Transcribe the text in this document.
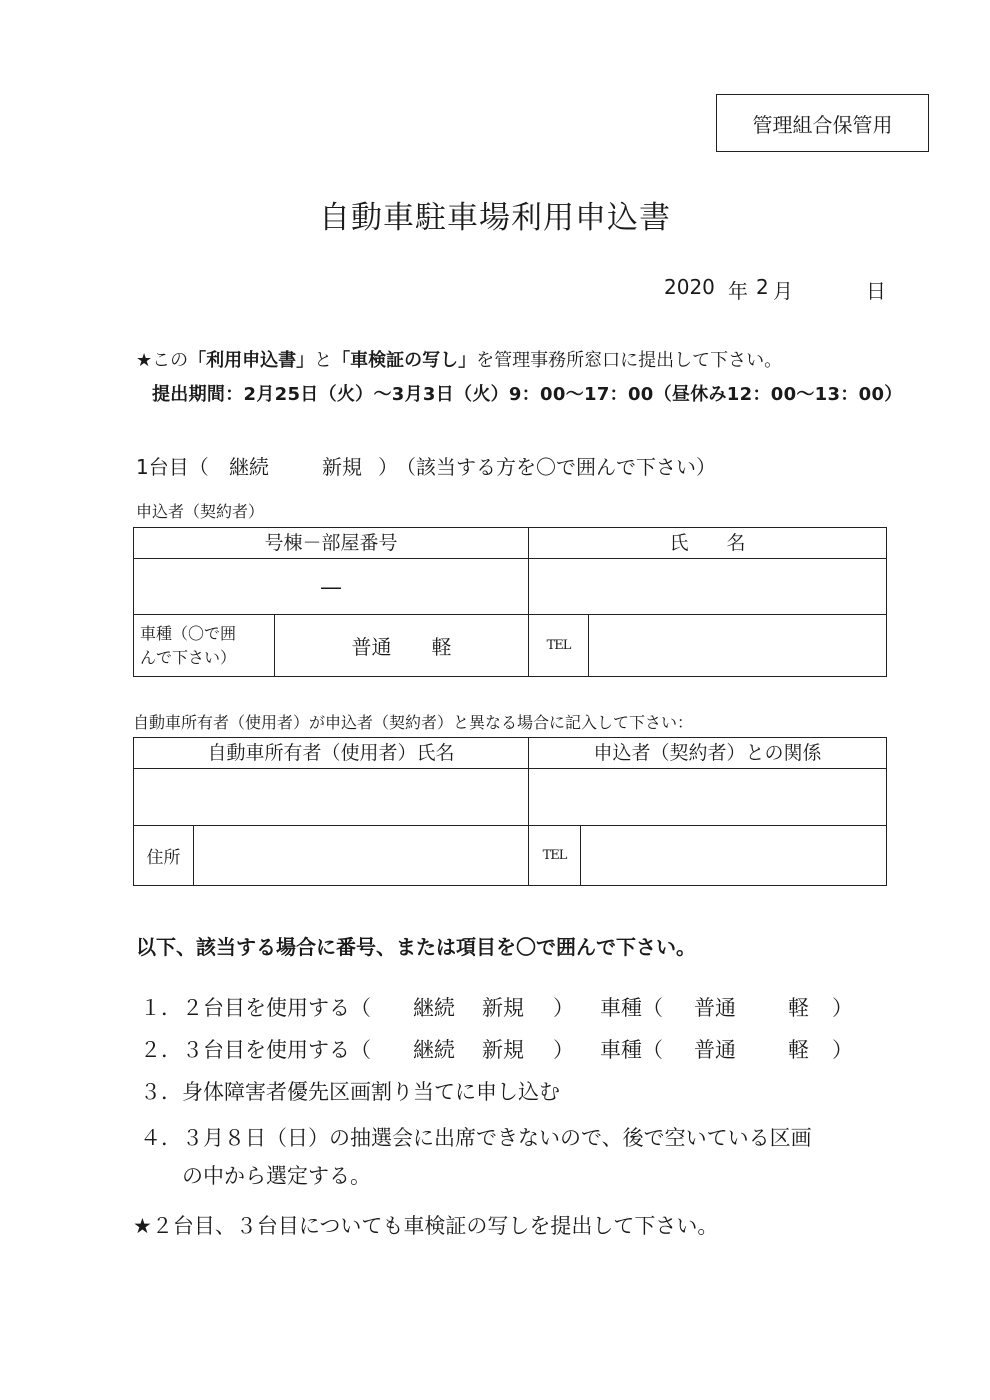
管理組合保管用
自動車駐車場利用申込書
2020 年 2 月	日
★この「利用申込書」と「車検証の写し」を管理事務所窓口に提出して下さい。
提出期間：2月25日（火）～3月3日（火）9：00～17：00（昼休み12：00～13：00）
1台目（ 継続	新規 ）
（該当する方を〇で囲んで下さい）
申込者（契約者）
号棟－部屋番号		氏　　名	
―			

車種（〇で囲
んで下さい）	普通　　軽	TEL	
自動車所有者（使用者）が申込者（契約者）と異なる場合に記入して下さい：
自動車所有者（使用者）氏名		申込者（契約者）との関係	

住所		TEL	
以下、該当する場合に番号、または項目を〇で囲んで下さい。
１． ２台目を使用する（ 継続 新規 ） 車種（ 普通 軽 ）
２． ３台目を使用する（ 継続 新規 ） 車種（ 普通 軽 ）
３． 身体障害者優先区画割り当てに申し込む
４． ３月８日（日）の抽選会に出席できないので、後で空いている区画
の中から選定する。
★２台目、３台目についても車検証の写しを提出して下さい。
